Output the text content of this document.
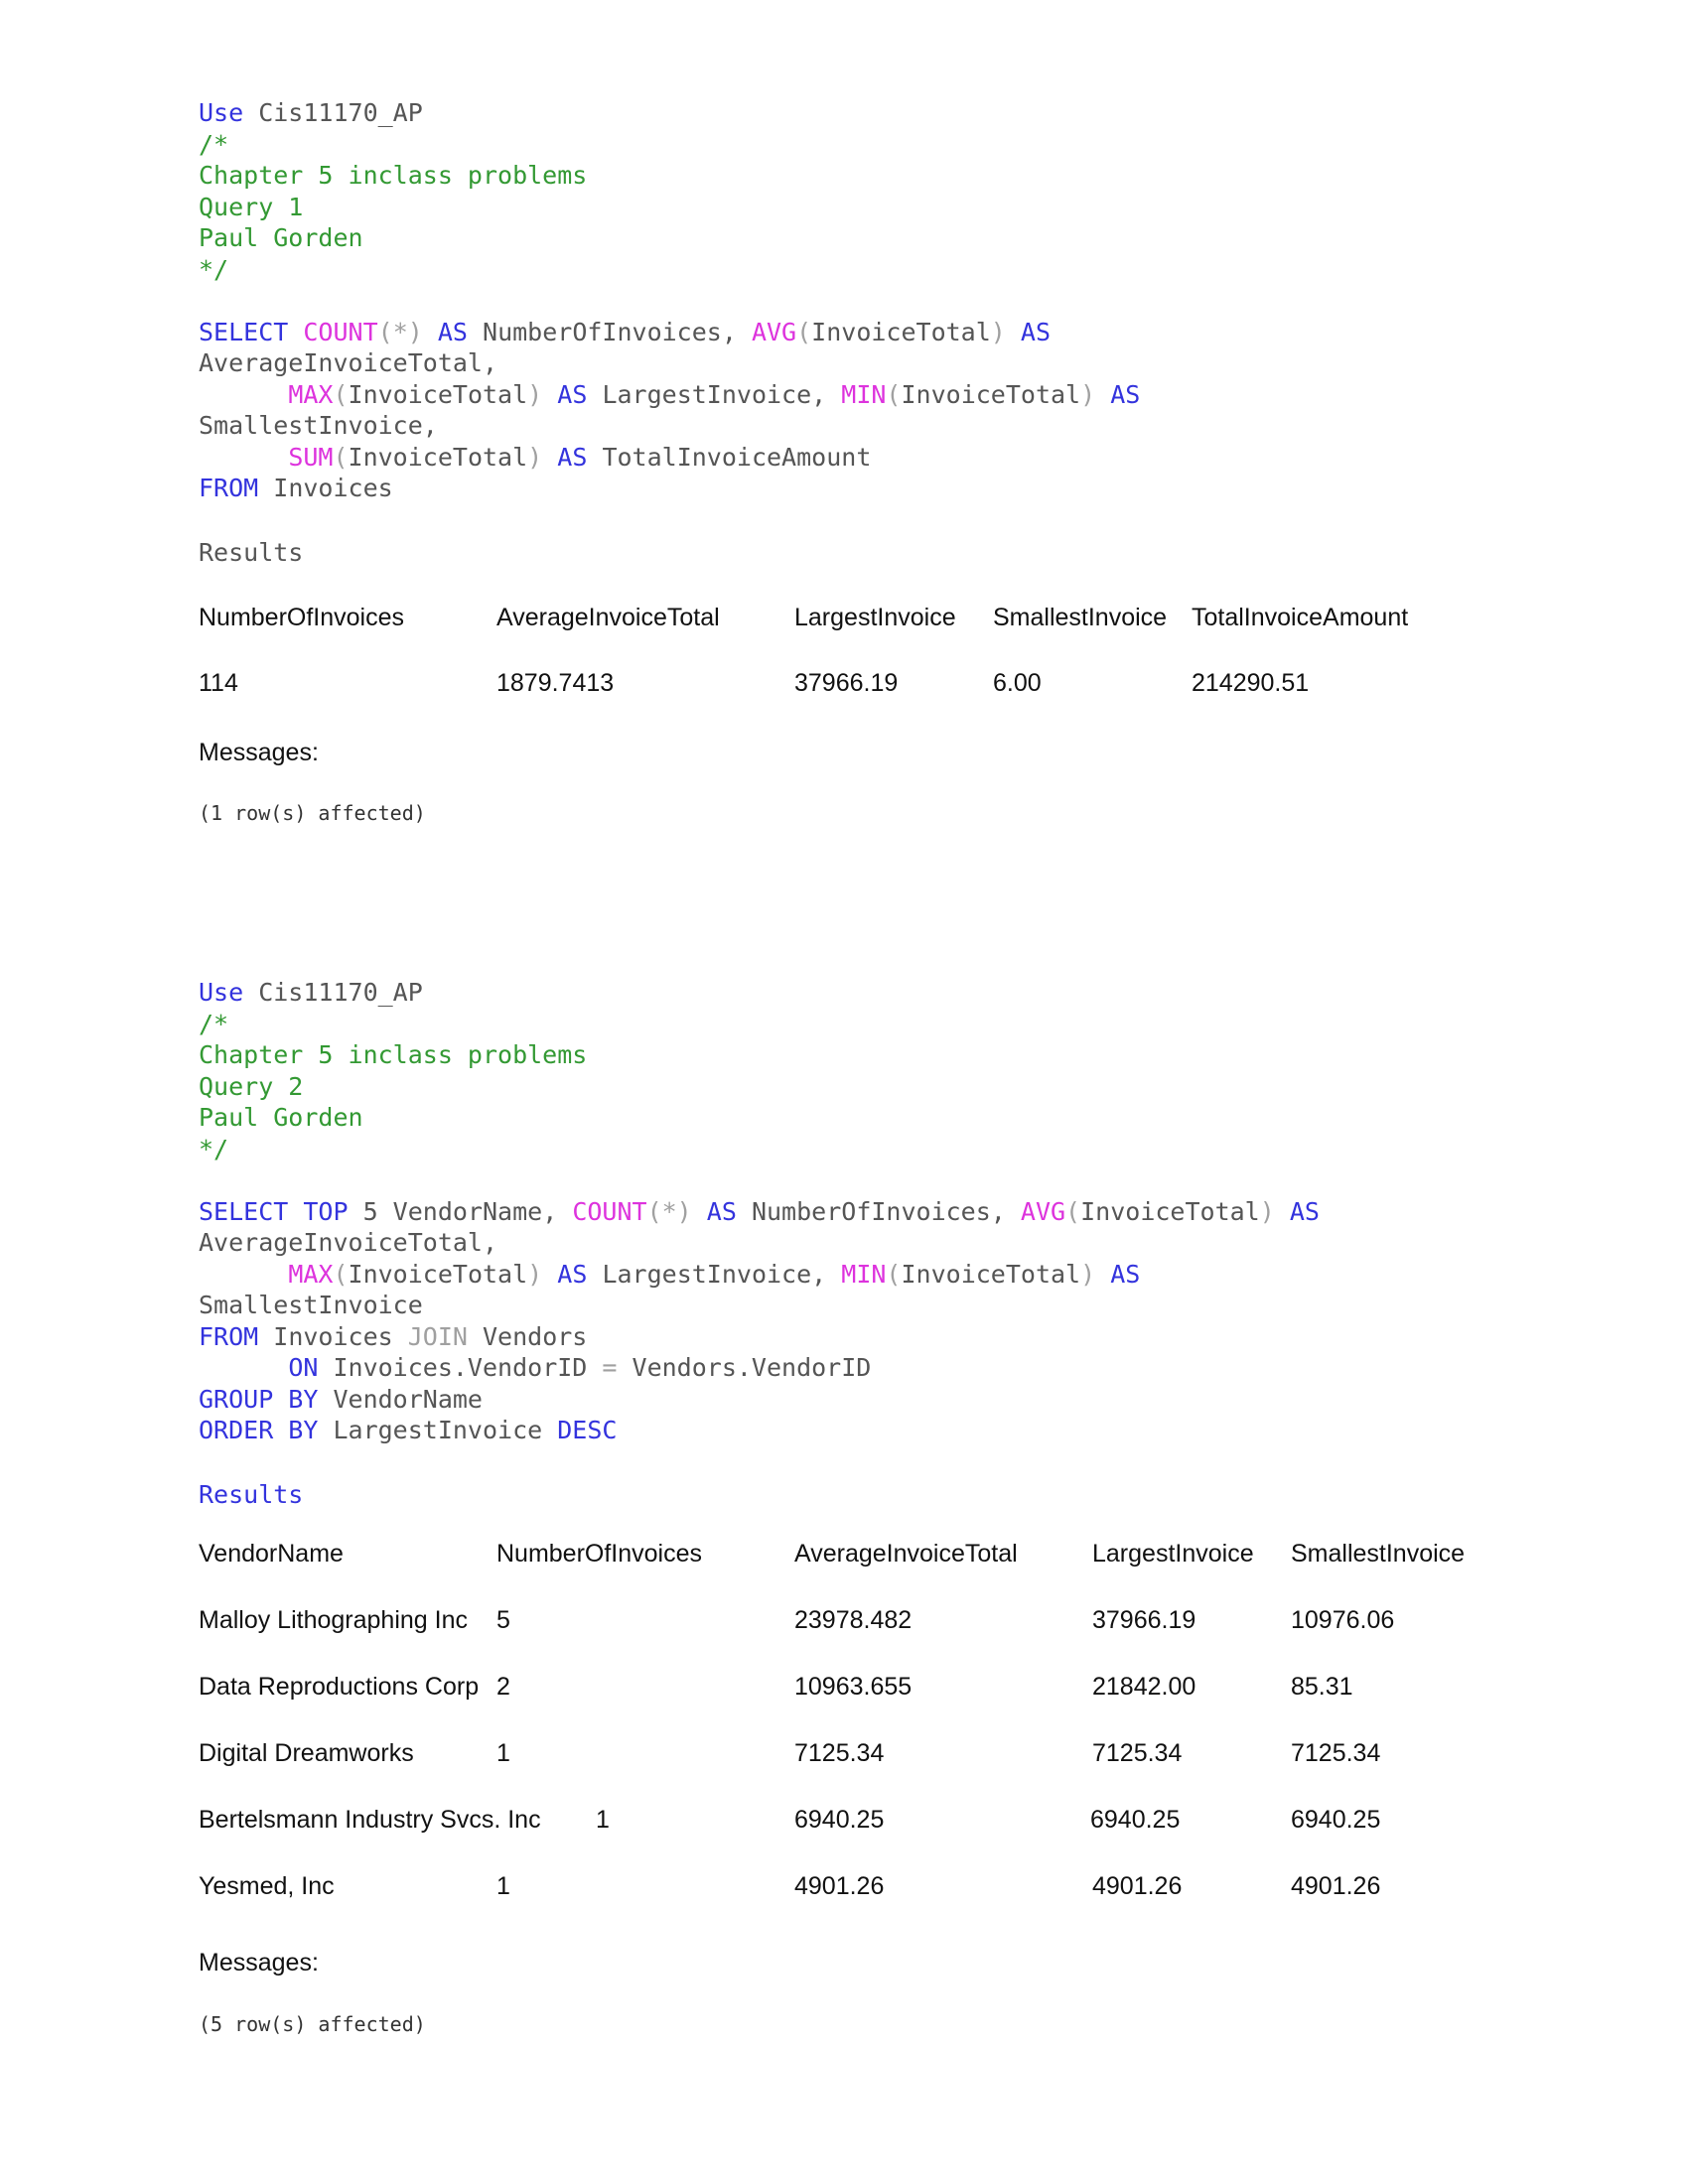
Use Cis11170_AP
/*
Chapter 5 inclass problems
Query 1
Paul Gorden
*/
SELECT COUNT(*) AS NumberOfInvoices, AVG(InvoiceTotal) AS
AverageInvoiceTotal,
MAX(InvoiceTotal) AS LargestInvoice, MIN(InvoiceTotal) AS
SmallestInvoice,
SUM(InvoiceTotal) AS TotalInvoiceAmount
FROM Invoices
Results
NumberOfInvoices	AverageInvoiceTotal	LargestInvoice SmallestInvoice TotalInvoiceAmount
114	1879.7413	37966.19	6.00	214290.51
Messages:
(1 row(s) affected)
Use Cis11170_AP
/*
Chapter 5 inclass problems
Query 2
Paul Gorden
*/
SELECT TOP 5 VendorName, COUNT(*) AS NumberOfInvoices, AVG(InvoiceTotal) AS
AverageInvoiceTotal,
MAX(InvoiceTotal) AS LargestInvoice, MIN(InvoiceTotal) AS
SmallestInvoice
FROM Invoices JOIN Vendors
ON Invoices.VendorID = Vendors.VendorID
GROUP BY VendorName
ORDER BY LargestInvoice DESC
Results
VendorName	NumberOfInvoices	AverageInvoiceTotal	LargestInvoice SmallestInvoice
Malloy Lithographing Inc 5	23978.482	37966.19	10976.06
Data Reproductions Corp 2	10963.655	21842.00	85.31
Digital Dreamworks	1	7125.34	7125.34	7125.34
Bertelsmann Industry Svcs. Inc 1	6940.25	6940.25	6940.25
Yesmed, Inc	1	4901.26	4901.26	4901.26
Messages:
(5 row(s) affected)
